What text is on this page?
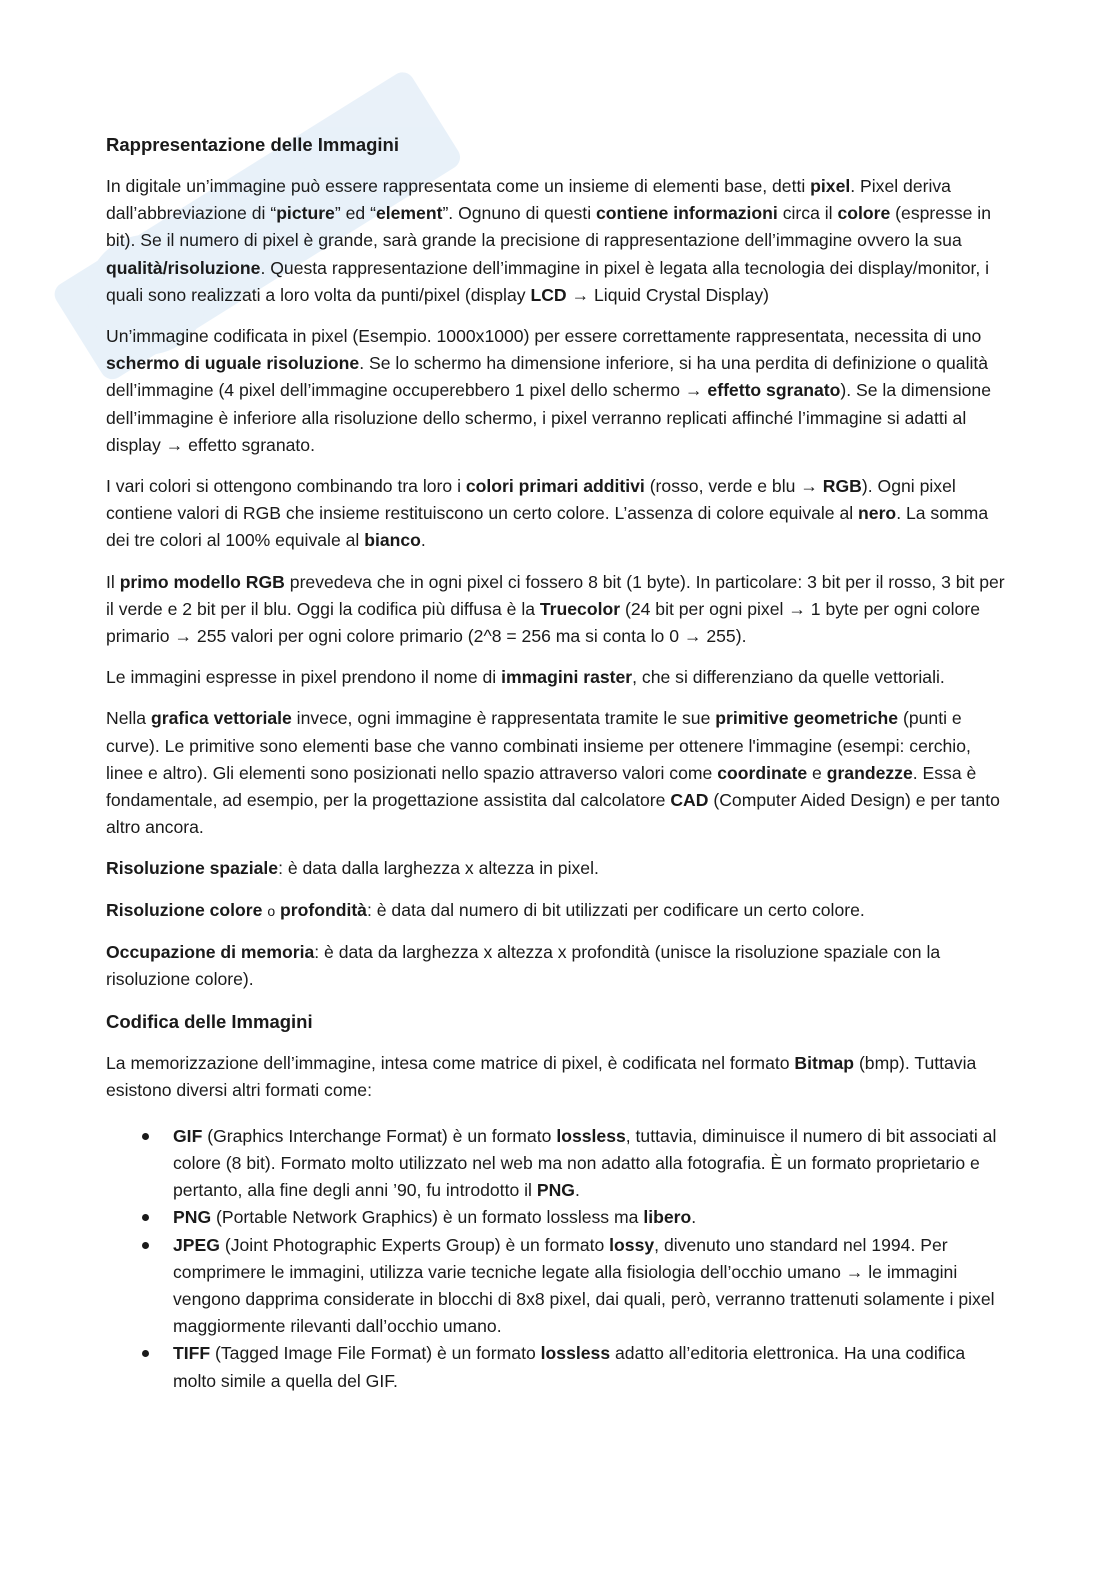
Rappresentazione delle Immagini

In digitale un’immagine può essere rappresentata come un insieme di elementi base, detti pixel. Pixel deriva dall’abbreviazione di “picture” ed “element”. Ognuno di questi contiene informazioni circa il colore (espresse in bit). Se il numero di pixel è grande, sarà grande la precisione di rappresentazione dell’immagine ovvero la sua qualità/risoluzione. Questa rappresentazione dell’immagine in pixel è legata alla tecnologia dei display/monitor, i quali sono realizzati a loro volta da punti/pixel (display LCD → Liquid Crystal Display)

Un’immagine codificata in pixel (Esempio. 1000x1000) per essere correttamente rappresentata, necessita di uno schermo di uguale risoluzione. Se lo schermo ha dimensione inferiore, si ha una perdita di definizione o qualità dell’immagine (4 pixel dell’immagine occuperebbero 1 pixel dello schermo → effetto sgranato). Se la dimensione dell’immagine è inferiore alla risoluzione dello schermo, i pixel verranno replicati affinché l’immagine si adatti al display → effetto sgranato.

I vari colori si ottengono combinando tra loro i colori primari additivi (rosso, verde e blu → RGB). Ogni pixel contiene valori di RGB che insieme restituiscono un certo colore. L’assenza di colore equivale al nero. La somma dei tre colori al 100% equivale al bianco.

Il primo modello RGB prevedeva che in ogni pixel ci fossero 8 bit (1 byte). In particolare: 3 bit per il rosso, 3 bit per il verde e 2 bit per il blu. Oggi la codifica più diffusa è la Truecolor (24 bit per ogni pixel → 1 byte per ogni colore primario → 255 valori per ogni colore primario (2^8 = 256 ma si conta lo 0 → 255).

Le immagini espresse in pixel prendono il nome di immagini raster, che si differenziano da quelle vettoriali.

Nella grafica vettoriale invece, ogni immagine è rappresentata tramite le sue primitive geometriche (punti e curve). Le primitive sono elementi base che vanno combinati insieme per ottenere l'immagine (esempi: cerchio, linee e altro). Gli elementi sono posizionati nello spazio attraverso valori come coordinate e grandezze. Essa è fondamentale, ad esempio, per la progettazione assistita dal calcolatore CAD (Computer Aided Design) e per tanto altro ancora.

Risoluzione spaziale: è data dalla larghezza x altezza in pixel.

Risoluzione colore o profondità: è data dal numero di bit utilizzati per codificare un certo colore.

Occupazione di memoria: è data da larghezza x altezza x profondità (unisce la risoluzione spaziale con la risoluzione colore).

Codifica delle Immagini

La memorizzazione dell’immagine, intesa come matrice di pixel, è codificata nel formato Bitmap (bmp). Tuttavia esistono diversi altri formati come:

GIF (Graphics Interchange Format) è un formato lossless, tuttavia, diminuisce il numero di bit associati al colore (8 bit). Formato molto utilizzato nel web ma non adatto alla fotografia. È un formato proprietario e pertanto, alla fine degli anni ’90, fu introdotto il PNG.
PNG (Portable Network Graphics) è un formato lossless ma libero.
JPEG (Joint Photographic Experts Group) è un formato lossy, divenuto uno standard nel 1994. Per comprimere le immagini, utilizza varie tecniche legate alla fisiologia dell’occhio umano → le immagini vengono dapprima considerate in blocchi di 8x8 pixel, dai quali, però, verranno trattenuti solamente i pixel maggiormente rilevanti dall’occhio umano.
TIFF (Tagged Image File Format) è un formato lossless adatto all’editoria elettronica. Ha una codifica molto simile a quella del GIF.
